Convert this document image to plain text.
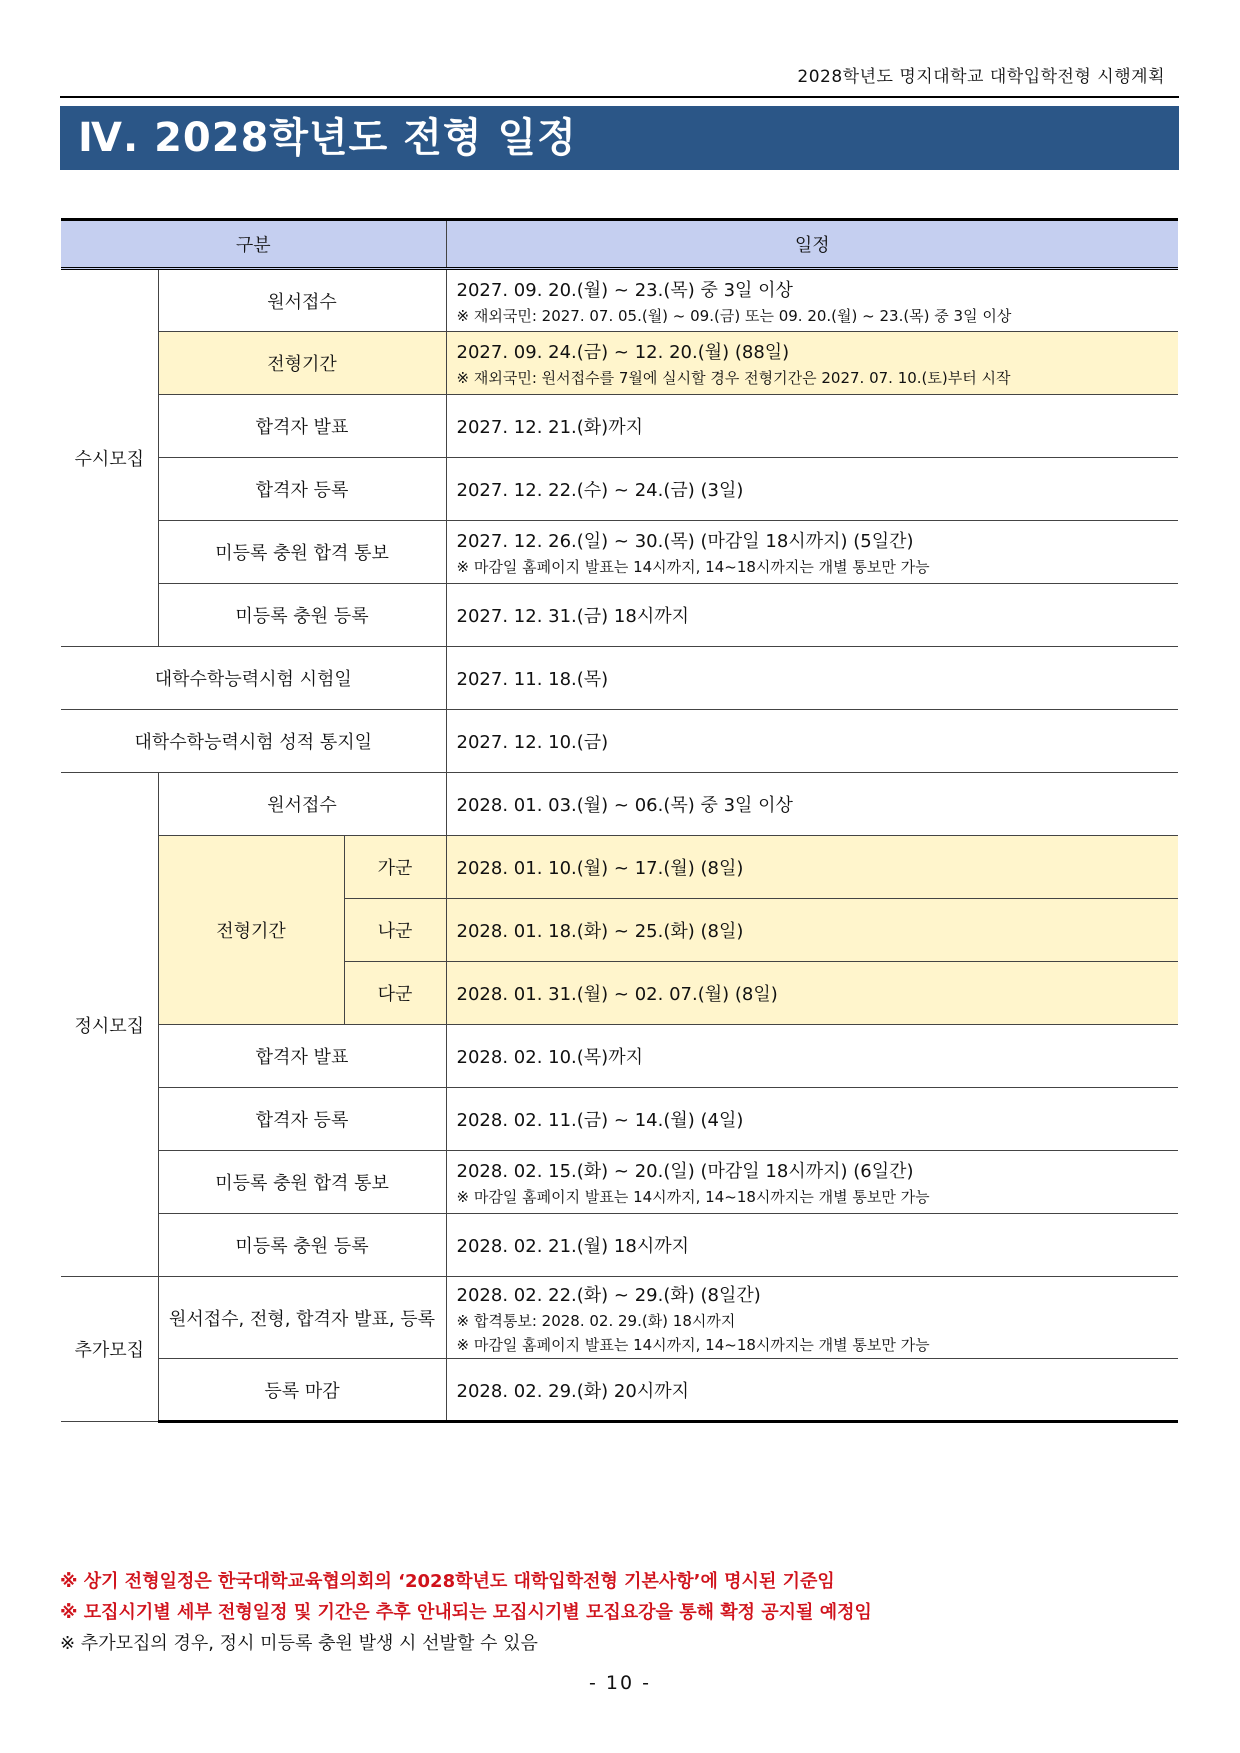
2028학년도 명지대학교 대학입학전형 시행계획
Ⅳ. 2028학년도 전형 일정
구분			일정
수시모집	원서접수		2027. 09. 20.(월) ~ 23.(목) 중 3일 이상
※ 재외국민: 2027. 07. 05.(월) ~ 09.(금) 또는 09. 20.(월) ~ 23.(목) 중 3일 이상

	전형기간		2027. 09. 24.(금) ~ 12. 20.(월) (88일)
※ 재외국민: 원서접수를 7월에 실시할 경우 전형기간은 2027. 07. 10.(토)부터 시작

	합격자 발표		2027. 12. 21.(화)까지

	합격자 등록		2027. 12. 22.(수) ~ 24.(금) (3일)

	미등록 충원 합격 통보		2027. 12. 26.(일) ~ 30.(목) (마감일 18시까지) (5일간)
※ 마감일 홈페이지 발표는 14시까지, 14~18시까지는 개별 통보만 가능

	미등록 충원 등록		2027. 12. 31.(금) 18시까지

대학수학능력시험 시험일			2027. 11. 18.(목)

대학수학능력시험 성적 통지일			2027. 12. 10.(금)

정시모집	원서접수		2028. 01. 03.(월) ~ 06.(목) 중 3일 이상

	전형기간	가군	2028. 01. 10.(월) ~ 17.(월) (8일)

		나군	2028. 01. 18.(화) ~ 25.(화) (8일)

		다군	2028. 01. 31.(월) ~ 02. 07.(월) (8일)

	합격자 발표		2028. 02. 10.(목)까지

	합격자 등록		2028. 02. 11.(금) ~ 14.(월) (4일)

	미등록 충원 합격 통보		2028. 02. 15.(화) ~ 20.(일) (마감일 18시까지) (6일간)
※ 마감일 홈페이지 발표는 14시까지, 14~18시까지는 개별 통보만 가능

	미등록 충원 등록		2028. 02. 21.(월) 18시까지

추가모집	원서접수, 전형, 합격자 발표, 등록		2028. 02. 22.(화) ~ 29.(화) (8일간)
※ 합격통보: 2028. 02. 29.(화) 18시까지
※ 마감일 홈페이지 발표는 14시까지, 14~18시까지는 개별 통보만 가능

	등록 마감		2028. 02. 29.(화) 20시까지
※ 상기 전형일정은 한국대학교육협의회의 ‘2028학년도 대학입학전형 기본사항’에 명시된 기준임
※ 모집시기별 세부 전형일정 및 기간은 추후 안내되는 모집시기별 모집요강을 통해 확정 공지될 예정임
※ 추가모집의 경우, 정시 미등록 충원 발생 시 선발할 수 있음
- 10 -
